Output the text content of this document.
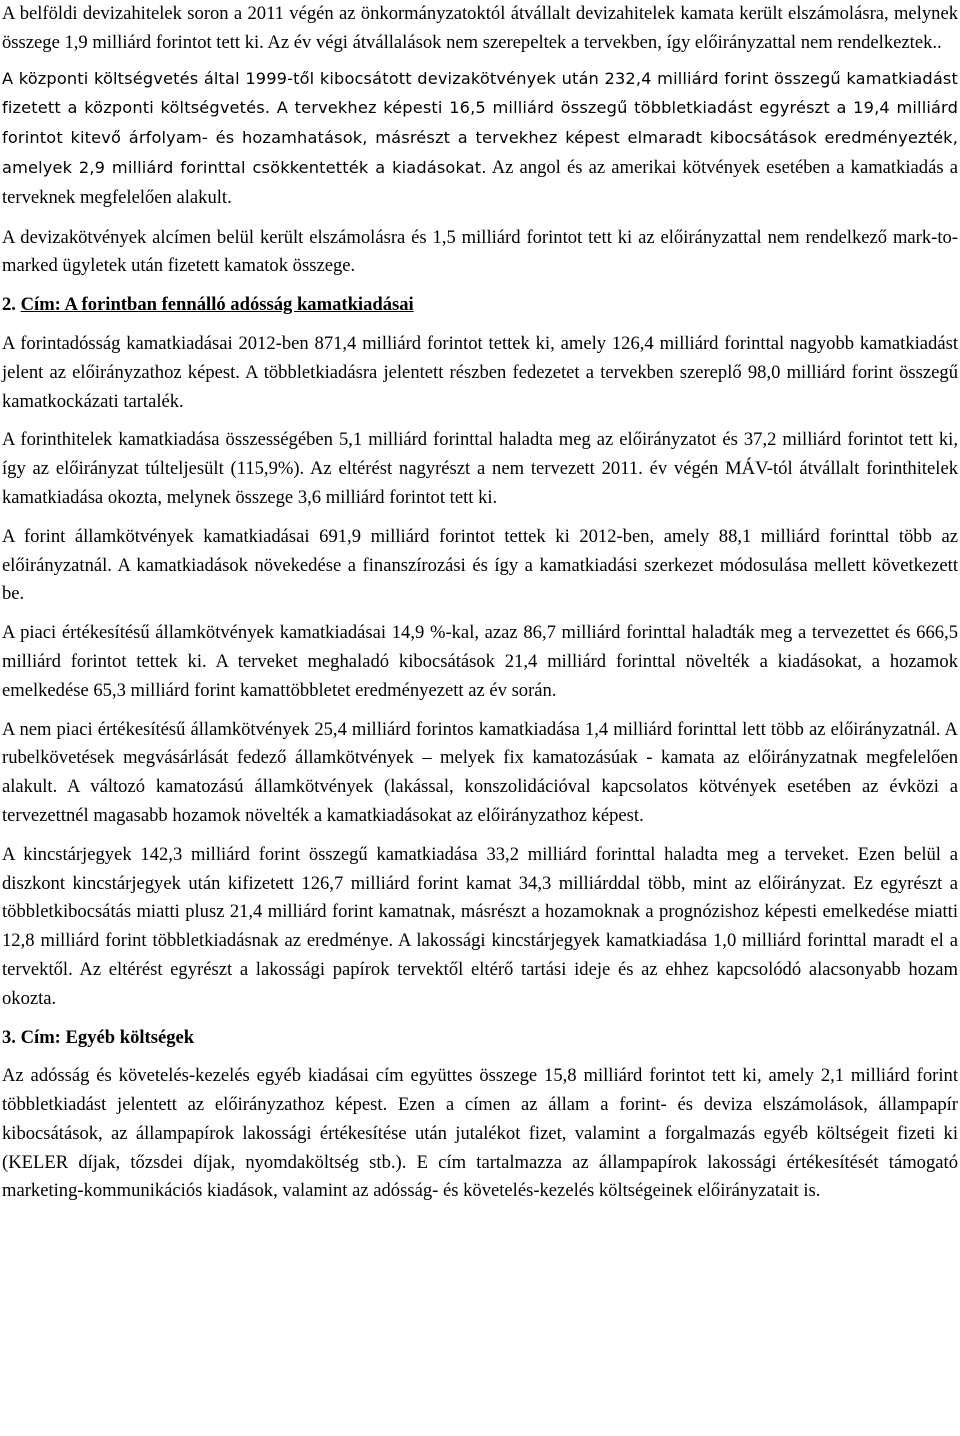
A belföldi devizahitelek soron a 2011 végén az önkormányzatoktól átvállalt devizahitelek kamata került elszámolásra, melynek összege 1,9 milliárd forintot tett ki. Az év végi átvállalások nem szerepeltek a tervekben, így előirányzattal nem rendelkeztek..

A központi költségvetés által 1999-től kibocsátott devizakötvények után 232,4 milliárd forint összegű kamatkiadást fizetett a központi költségvetés. A tervekhez képesti 16,5 milliárd összegű többletkiadást egyrészt a 19,4 milliárd forintot kitevő árfolyam- és hozamhatások, másrészt a tervekhez képest elmaradt kibocsátások eredményezték, amelyek 2,9 milliárd forinttal csökkentették a kiadásokat. Az angol és az amerikai kötvények esetében a kamatkiadás a terveknek megfelelően alakult.

A devizakötvények alcímen belül került elszámolásra és 1,5 milliárd forintot tett ki az előirányzattal nem rendelkező mark-to-marked ügyletek után fizetett kamatok összege.

2. Cím: A forintban fennálló adósság kamatkiadásai

A forintadósság kamatkiadásai 2012-ben 871,4 milliárd forintot tettek ki, amely 126,4 milliárd forinttal nagyobb kamatkiadást jelent az előirányzathoz képest. A többletkiadásra jelentett részben fedezetet a tervekben szereplő 98,0 milliárd forint összegű kamatkockázati tartalék.

A forinthitelek kamatkiadása összességében 5,1 milliárd forinttal haladta meg az előirányzatot és 37,2 milliárd forintot tett ki, így az előirányzat túlteljesült (115,9%). Az eltérést nagyrészt a nem tervezett 2011. év végén MÁV-tól átvállalt forinthitelek kamatkiadása okozta, melynek összege 3,6 milliárd forintot tett ki.

A forint államkötvények kamatkiadásai 691,9 milliárd forintot tettek ki 2012-ben, amely 88,1 milliárd forinttal több az előirányzatnál. A kamatkiadások növekedése a finanszírozási és így a kamatkiadási szerkezet módosulása mellett következett be.

A piaci értékesítésű államkötvények kamatkiadásai 14,9 %-kal, azaz 86,7 milliárd forinttal haladták meg a tervezettet és 666,5 milliárd forintot tettek ki. A terveket meghaladó kibocsátások 21,4 milliárd forinttal növelték a kiadásokat, a hozamok emelkedése 65,3 milliárd forint kamattöbbletet eredményezett az év során.

A nem piaci értékesítésű államkötvények 25,4 milliárd forintos kamatkiadása 1,4 milliárd forinttal lett több az előirányzatnál. A rubelkövetések megvásárlását fedező államkötvények – melyek fix kamatozásúak - kamata az előirányzatnak megfelelően alakult. A változó kamatozású államkötvények (lakással, konszolidációval kapcsolatos kötvények esetében az évközi a tervezettnél magasabb hozamok növelték a kamatkiadásokat az előirányzathoz képest.

A kincstárjegyek 142,3 milliárd forint összegű kamatkiadása 33,2 milliárd forinttal haladta meg a terveket. Ezen belül a diszkont kincstárjegyek után kifizetett 126,7 milliárd forint kamat 34,3 milliárddal több, mint az előirányzat. Ez egyrészt a többletkibocsátás miatti plusz 21,4 milliárd forint kamatnak, másrészt a hozamoknak a prognózishoz képesti emelkedése miatti 12,8 milliárd forint többletkiadásnak az eredménye. A lakossági kincstárjegyek kamatkiadása 1,0 milliárd forinttal maradt el a tervektől. Az eltérést egyrészt a lakossági papírok tervektől eltérő tartási ideje és az ehhez kapcsolódó alacsonyabb hozam okozta.

3. Cím: Egyéb költségek

Az adósság és követelés-kezelés egyéb kiadásai cím együttes összege 15,8 milliárd forintot tett ki, amely 2,1 milliárd forint többletkiadást jelentett az előirányzathoz képest. Ezen a címen az állam a forint- és deviza elszámolások, állampapír kibocsátások, az állampapírok lakossági értékesítése után jutalékot fizet, valamint a forgalmazás egyéb költségeit fizeti ki (KELER díjak, tőzsdei díjak, nyomdaköltség stb.). E cím tartalmazza az állampapírok lakossági értékesítését támogató marketing-kommunikációs kiadások, valamint az adósság- és követelés-kezelés költségeinek előirányzatait is.
